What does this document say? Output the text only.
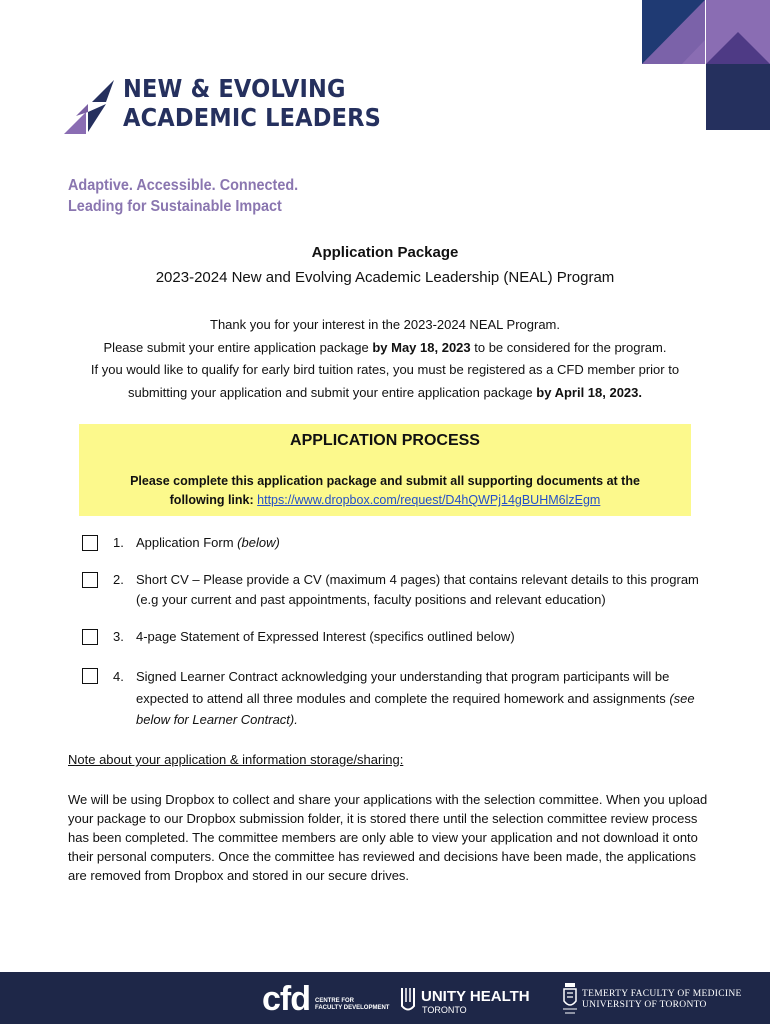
NEW & EVOLVING
ACADEMIC LEADERS
Adaptive. Accessible. Connected.
Leading for Sustainable Impact
Application Package
2023-2024 New and Evolving Academic Leadership (NEAL) Program
Thank you for your interest in the 2023-2024 NEAL Program.
Please submit your entire application package by May 18, 2023 to be considered for the program.
If you would like to qualify for early bird tuition rates, you must be registered as a CFD member prior to
submitting your application and submit your entire application package by April 18, 2023.
APPLICATION PROCESS
Please complete this application package and submit all supporting documents at the
following link: https://www.dropbox.com/request/D4hQWPj14gBUHM6lzEgm
1. Application Form (below)
2. Short CV – Please provide a CV (maximum 4 pages) that contains relevant details to this program (e.g your current and past appointments, faculty positions and relevant education)
3. 4-page Statement of Expressed Interest (specifics outlined below)
4. Signed Learner Contract acknowledging your understanding that program participants will be expected to attend all three modules and complete the required homework and assignments (see below for Learner Contract).
Note about your application & information storage/sharing:
We will be using Dropbox to collect and share your applications with the selection committee. When you upload your package to our Dropbox submission folder, it is stored there until the selection committee review process has been completed. The committee members are only able to view your application and not download it onto their personal computers. Once the committee has reviewed and decisions have been made, the applications are removed from Dropbox and stored in our secure drives.
cfd CENTRE FOR
FACULTY DEVELOPMENT
UNITY HEALTH
TORONTO
TEMERTY FACULTY OF MEDICINE
UNIVERSITY OF TORONTO
